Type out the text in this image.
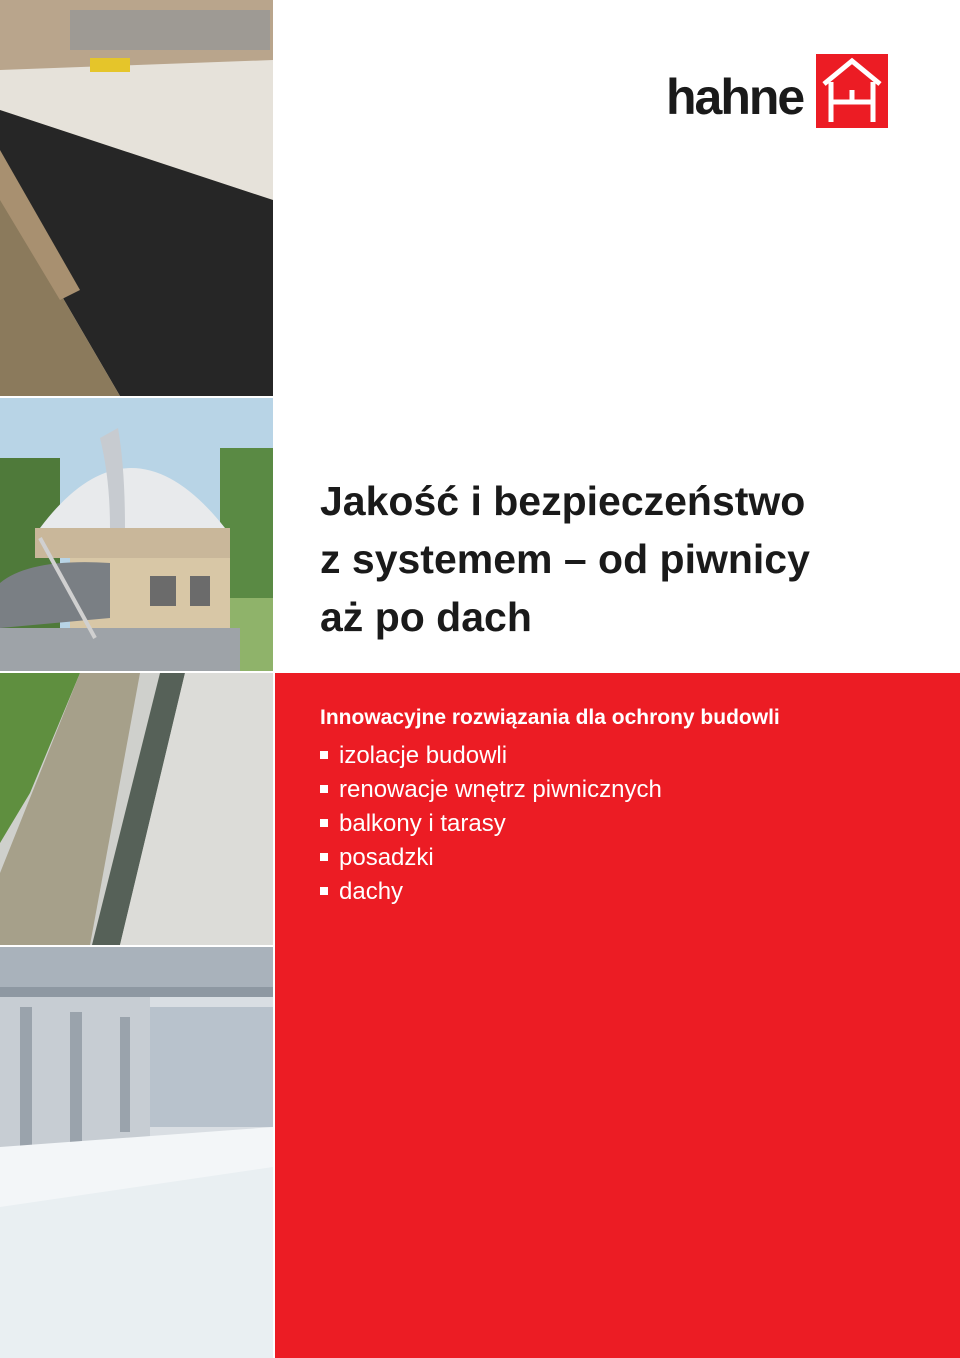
hahne
Jakość i bezpieczeństwo
z systemem – od piwnicy
aż po dach
Innowacyjne rozwiązania dla ochrony budowli
izolacje budowli
renowacje wnętrz piwnicznych
balkony i tarasy
posadzki
dachy
